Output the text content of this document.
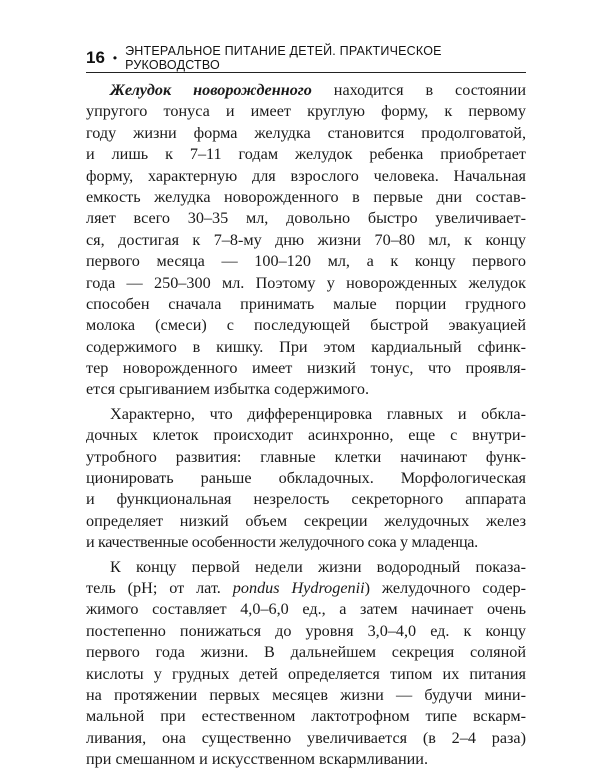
16 • ЭНТЕРАЛЬНОЕ ПИТАНИЕ ДЕТЕЙ. ПРАКТИЧЕСКОЕ РУКОВОДСТВО
Желудок новорожденного находится в состоянии
упругого тонуса и имеет круглую форму, к первому
году жизни форма желудка становится продолговатой,
и лишь к 7–11 годам желудок ребенка приобретает
форму, характерную для взрослого человека. Начальная
емкость желудка новорожденного в первые дни состав-
ляет всего 30–35 мл, довольно быстро увеличивает-
ся, достигая к 7–8-му дню жизни 70–80 мл, к концу
первого месяца — 100–120 мл, а к концу первого
года — 250–300 мл. Поэтому у новорожденных желудок
способен сначала принимать малые порции грудного
молока (смеси) с последующей быстрой эвакуацией
содержимого в кишку. При этом кардиальный сфинк-
тер новорожденного имеет низкий тонус, что проявля-
ется срыгиванием избытка содержимого.
Характерно, что дифференцировка главных и обкла-
дочных клеток происходит асинхронно, еще с внутри-
утробного развития: главные клетки начинают функ-
ционировать раньше обкладочных. Морфологическая
и функциональная незрелость секреторного аппарата
определяет низкий объем секреции желудочных желез
и качественные особенности желудочного сока у младенца.
К концу первой недели жизни водородный показа-
тель (рН; от лат. pondus Hydrogenii) желудочного содер-
жимого составляет 4,0–6,0 ед., а затем начинает очень
постепенно понижаться до уровня 3,0–4,0 ед. к концу
первого года жизни. В дальнейшем секреция соляной
кислоты у грудных детей определяется типом их питания
на протяжении первых месяцев жизни — будучи мини-
мальной при естественном лактотрофном типе вскарм-
ливания, она существенно увеличивается (в 2–4 раза)
при смешанном и искусственном вскармливании.
